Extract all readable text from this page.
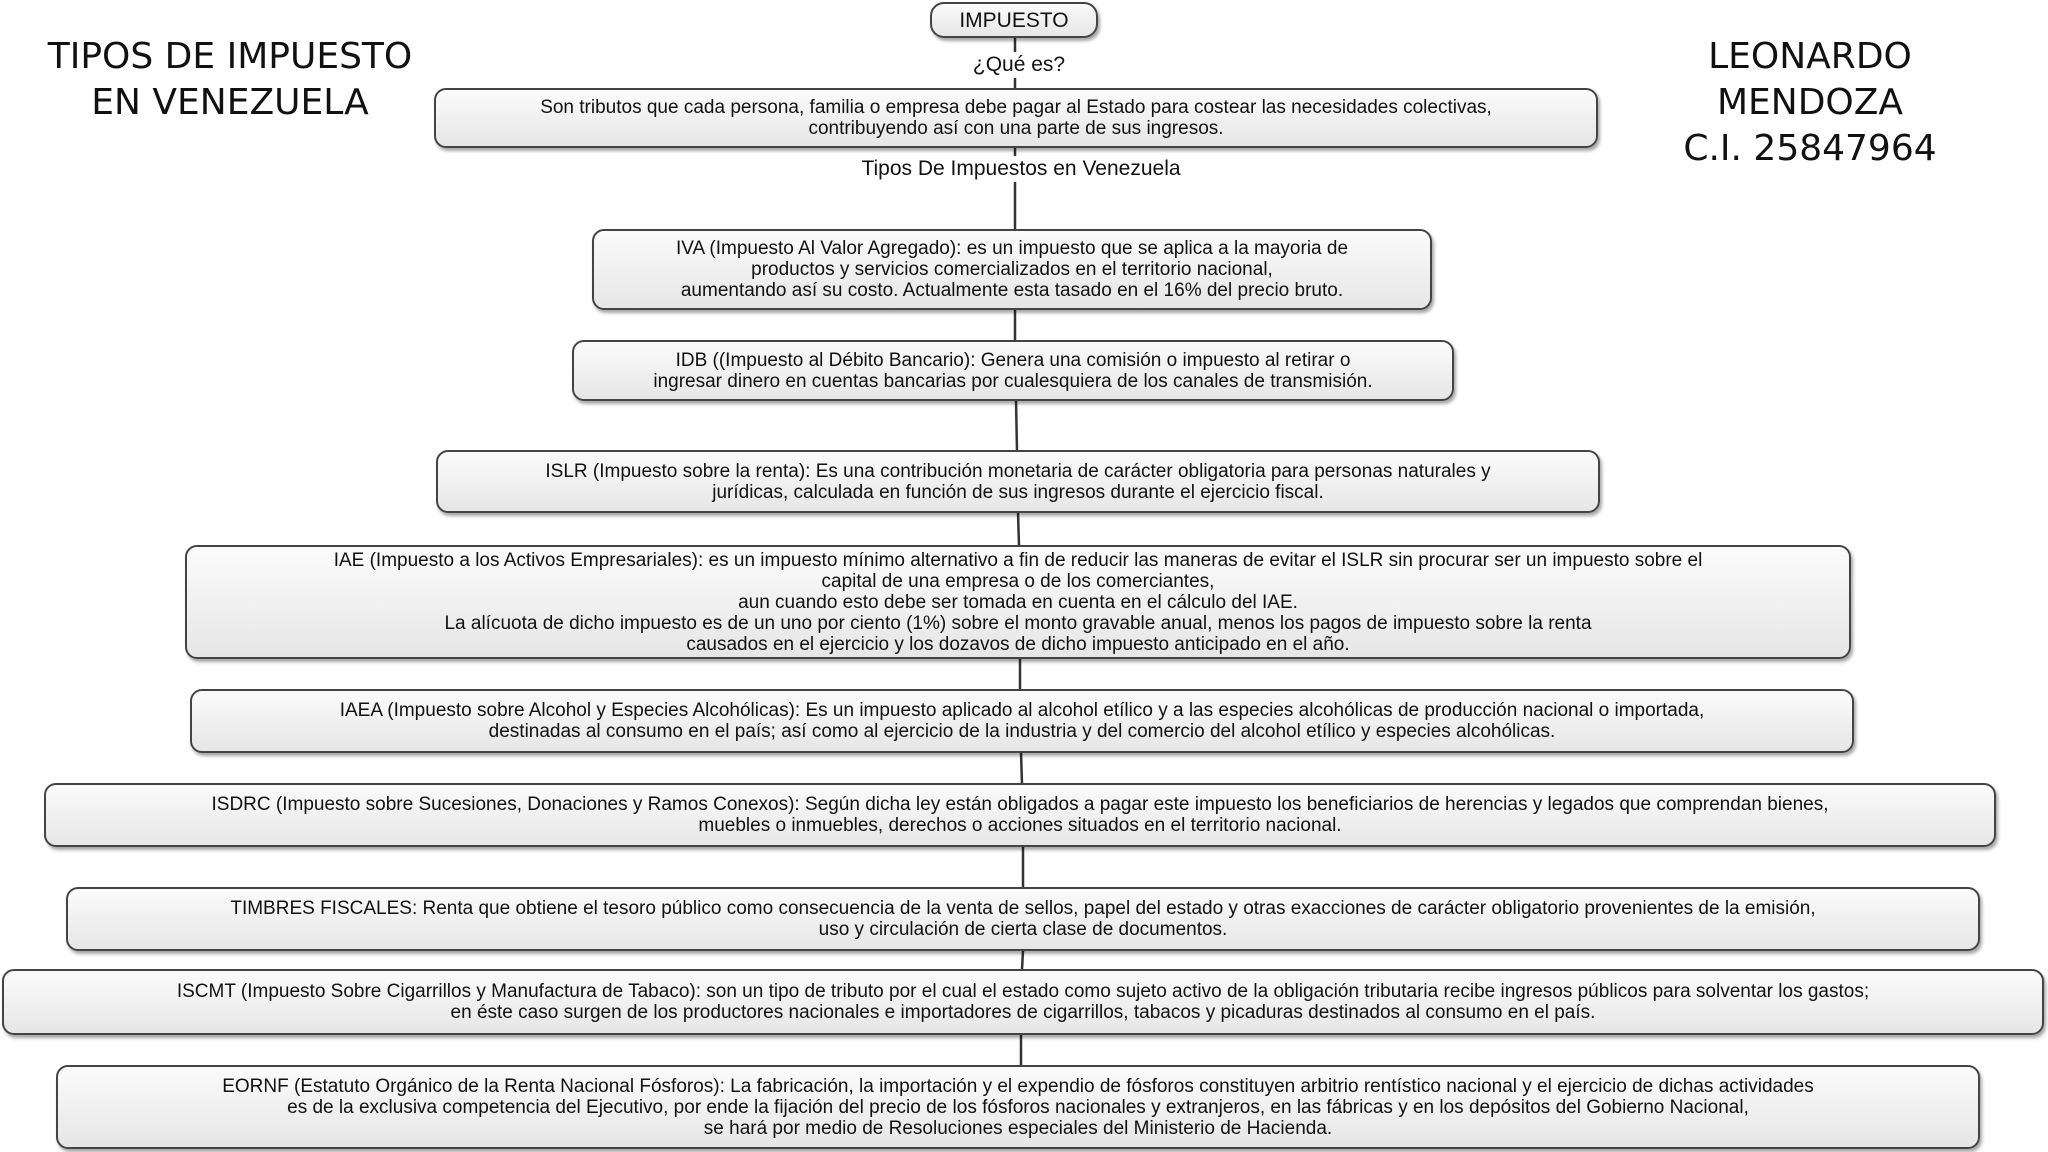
TIPOS DE IMPUESTO
EN VENEZUELA
LEONARDO MENDOZA
C.I. 25847964
IMPUESTO
¿Qué es?
Son tributos que cada persona, familia o empresa debe pagar al Estado para costear las necesidades colectivas,
contribuyendo así con una parte de sus ingresos.
Tipos De Impuestos en Venezuela
IVA (Impuesto Al Valor Agregado): es un impuesto que se aplica a la mayoria de
productos y servicios comercializados en el territorio nacional,
aumentando así su costo. Actualmente esta tasado en el 16% del precio bruto.
IDB ((Impuesto al Débito Bancario): Genera una comisión o impuesto al retirar o
ingresar dinero en cuentas bancarias por cualesquiera de los canales de transmisión.
ISLR (Impuesto sobre la renta): Es una contribución monetaria de carácter obligatoria para personas naturales y
jurídicas, calculada en función de sus ingresos durante el ejercicio fiscal.
IAE (Impuesto a los Activos Empresariales): es un impuesto mínimo alternativo a fin de reducir las maneras de evitar el ISLR sin procurar ser un impuesto sobre el
capital de una empresa o de los comerciantes,
aun cuando esto debe ser tomada en cuenta en el cálculo del IAE.
La alícuota de dicho impuesto es de un uno por ciento (1%) sobre el monto gravable anual, menos los pagos de impuesto sobre la renta
causados en el ejercicio y los dozavos de dicho impuesto anticipado en el año.
IAEA (Impuesto sobre Alcohol y Especies Alcohólicas): Es un impuesto aplicado al alcohol etílico y a las especies alcohólicas de producción nacional o importada,
destinadas al consumo en el país; así como al ejercicio de la industria y del comercio del alcohol etílico y especies alcohólicas.
ISDRC (Impuesto sobre Sucesiones, Donaciones y Ramos Conexos): Según dicha ley están obligados a pagar este impuesto los beneficiarios de herencias y legados que comprendan bienes,
muebles o inmuebles, derechos o acciones situados en el territorio nacional.
TIMBRES FISCALES: Renta que obtiene el tesoro público como consecuencia de la venta de sellos, papel del estado y otras exacciones de carácter obligatorio provenientes de la emisión,
uso y circulación de cierta clase de documentos.
ISCMT (Impuesto Sobre Cigarrillos y Manufactura de Tabaco): son un tipo de tributo por el cual el estado como sujeto activo de la obligación tributaria recibe ingresos públicos para solventar los gastos;
en éste caso surgen de los productores nacionales e importadores de cigarrillos, tabacos y picaduras destinados al consumo en el país.
EORNF (Estatuto Orgánico de la Renta Nacional Fósforos): La fabricación, la importación y el expendio de fósforos constituyen arbitrio rentístico nacional y el ejercicio de dichas actividades
es de la exclusiva competencia del Ejecutivo, por ende la fijación del precio de los fósforos nacionales y extranjeros, en las fábricas y en los depósitos del Gobierno Nacional,
se hará por medio de Resoluciones especiales del Ministerio de Hacienda.
